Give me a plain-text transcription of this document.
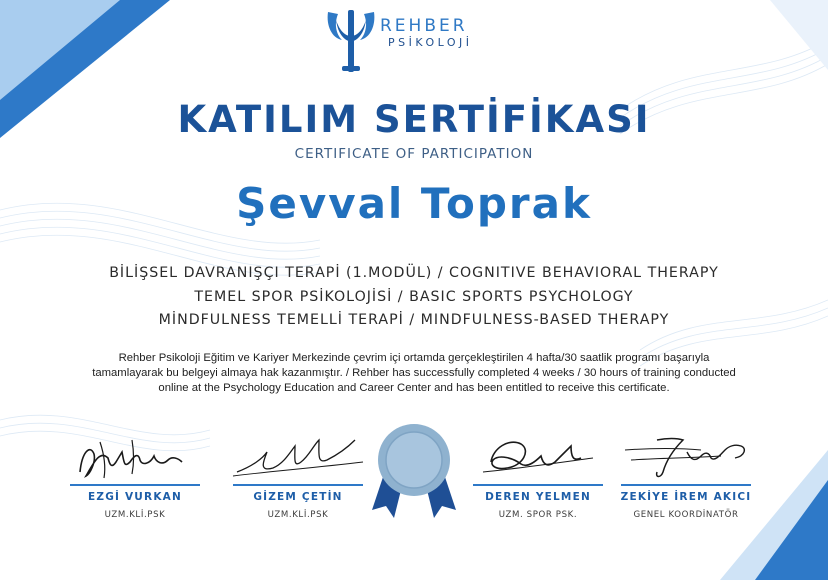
REHBER
PSİKOLOJİ
KATILIM SERTİFİKASI
CERTIFICATE OF PARTICIPATION
Şevval Toprak
BİLİŞSEL DAVRANIŞÇI TERAPİ (1.MODÜL) / COGNITIVE BEHAVIORAL THERAPY
TEMEL SPOR PSİKOLOJİSİ / BASIC SPORTS PSYCHOLOGY
MİNDFULNESS TEMELLİ TERAPİ / MINDFULNESS-BASED THERAPY
Rehber Psikoloji Eğitim ve Kariyer Merkezinde çevrim içi ortamda gerçekleştirilen 4 hafta/30 saatlik programı başarıyla
tamamlayarak bu belgeyi almaya hak kazanmıştır. / Rehber has successfully completed 4 weeks / 30 hours of training conducted
online at the Psychology Education and Career Center and has been entitled to receive this certificate.
EZGİ VURKAN
UZM.KLİ.PSK
GİZEM ÇETİN
UZM.KLİ.PSK
DEREN YELMEN
UZM. SPOR PSK.
ZEKİYE İREM AKICI
GENEL KOORDİNATÖR
